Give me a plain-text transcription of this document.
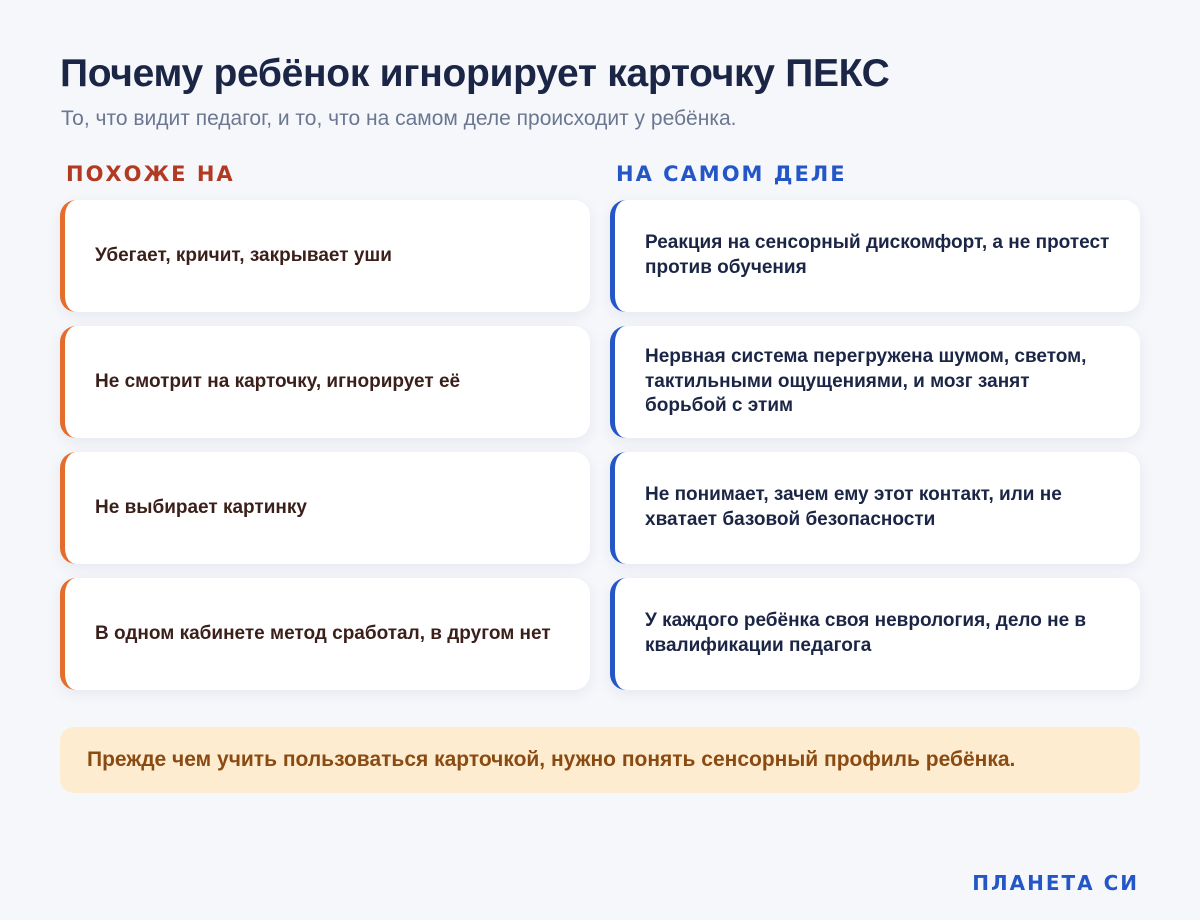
Почему ребёнок игнорирует карточку ПЕКС
То, что видит педагог, и то, что на самом деле происходит у ребёнка.
ПОХОЖЕ НА	НА САМОМ ДЕЛЕ
Убегает, кричит, закрывает уши
Не смотрит на карточку, игнорирует её
Не выбирает картинку
В одном кабинете метод сработал, в другом нет
Реакция на сенсорный дискомфорт, а не протест против обучения
Нервная система перегружена шумом, светом, тактильными ощущениями, и мозг занят борьбой с этим
Не понимает, зачем ему этот контакт, или не хватает базовой безопасности
У каждого ребёнка своя неврология, дело не в квалификации педагога
Прежде чем учить пользоваться карточкой, нужно понять сенсорный профиль ребёнка.
ПЛАНЕТА СИ
